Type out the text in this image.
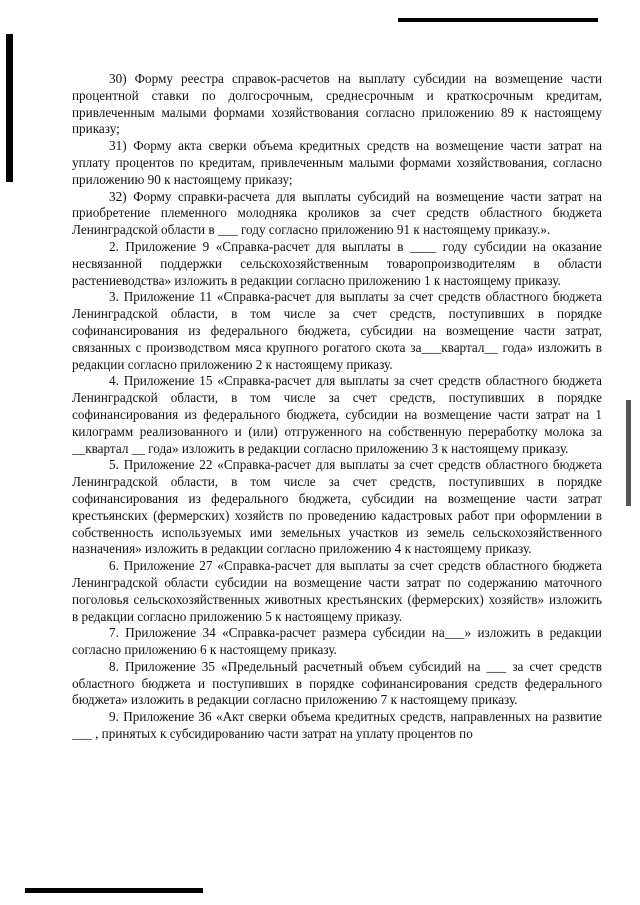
30) Форму реестра справок-расчетов на выплату субсидии на возмещение части процентной ставки по долгосрочным, среднесрочным и краткосрочным кредитам, привлеченным малыми формами хозяйствования согласно приложению 89 к настоящему приказу;

31) Форму акта сверки объема кредитных средств на возмещение части затрат на уплату процентов по кредитам, привлеченным малыми формами хозяйствования, согласно приложению 90 к настоящему приказу;

32) Форму справки-расчета для выплаты субсидий на возмещение части затрат на приобретение племенного молодняка кроликов за счет средств областного бюджета Ленинградской области в ___ году согласно приложению 91 к настоящему приказу.».

2. Приложение 9 «Справка-расчет для выплаты в ____ году субсидии на оказание несвязанной поддержки сельскохозяйственным товаропроизводителям в области растениеводства» изложить в редакции согласно приложению 1 к настоящему приказу.

3. Приложение 11 «Справка-расчет для выплаты за счет средств областного бюджета Ленинградской области, в том числе за счет средств, поступивших в порядке софинансирования из федерального бюджета, субсидии на возмещение части затрат, связанных с производством мяса крупного рогатого скота за___квартал__ года» изложить в редакции согласно приложению 2 к настоящему приказу.

4. Приложение 15 «Справка-расчет для выплаты за счет средств областного бюджета Ленинградской области, в том числе за счет средств, поступивших в порядке софинансирования из федерального бюджета, субсидии на возмещение части затрат на 1 килограмм реализованного и (или) отгруженного на собственную переработку молока за __квартал __ года» изложить в редакции согласно приложению 3 к настоящему приказу.

5. Приложение 22 «Справка-расчет для выплаты за счет средств областного бюджета Ленинградской области, в том числе за счет средств, поступивших в порядке софинансирования из федерального бюджета, субсидии на возмещение части затрат крестьянских (фермерских) хозяйств по проведению кадастровых работ при оформлении в собственность используемых ими земельных участков из земель сельскохозяйственного назначения» изложить в редакции согласно приложению 4 к настоящему приказу.

6. Приложение 27 «Справка-расчет для выплаты за счет средств областного бюджета Ленинградской области субсидии на возмещение части затрат по содержанию маточного поголовья сельскохозяйственных животных крестьянских (фермерских) хозяйств» изложить в редакции согласно приложению 5 к настоящему приказу.

7. Приложение 34 «Справка-расчет размера субсидии на___» изложить в редакции согласно приложению 6 к настоящему приказу.

8. Приложение 35 «Предельный расчетный объем субсидий на ___ за счет средств областного бюджета и поступивших в порядке софинансирования средств федерального бюджета» изложить в редакции согласно приложению 7 к настоящему приказу.

9. Приложение 36 «Акт сверки объема кредитных средств, направленных на развитие ___ , принятых к субсидированию части затрат на уплату процентов по
